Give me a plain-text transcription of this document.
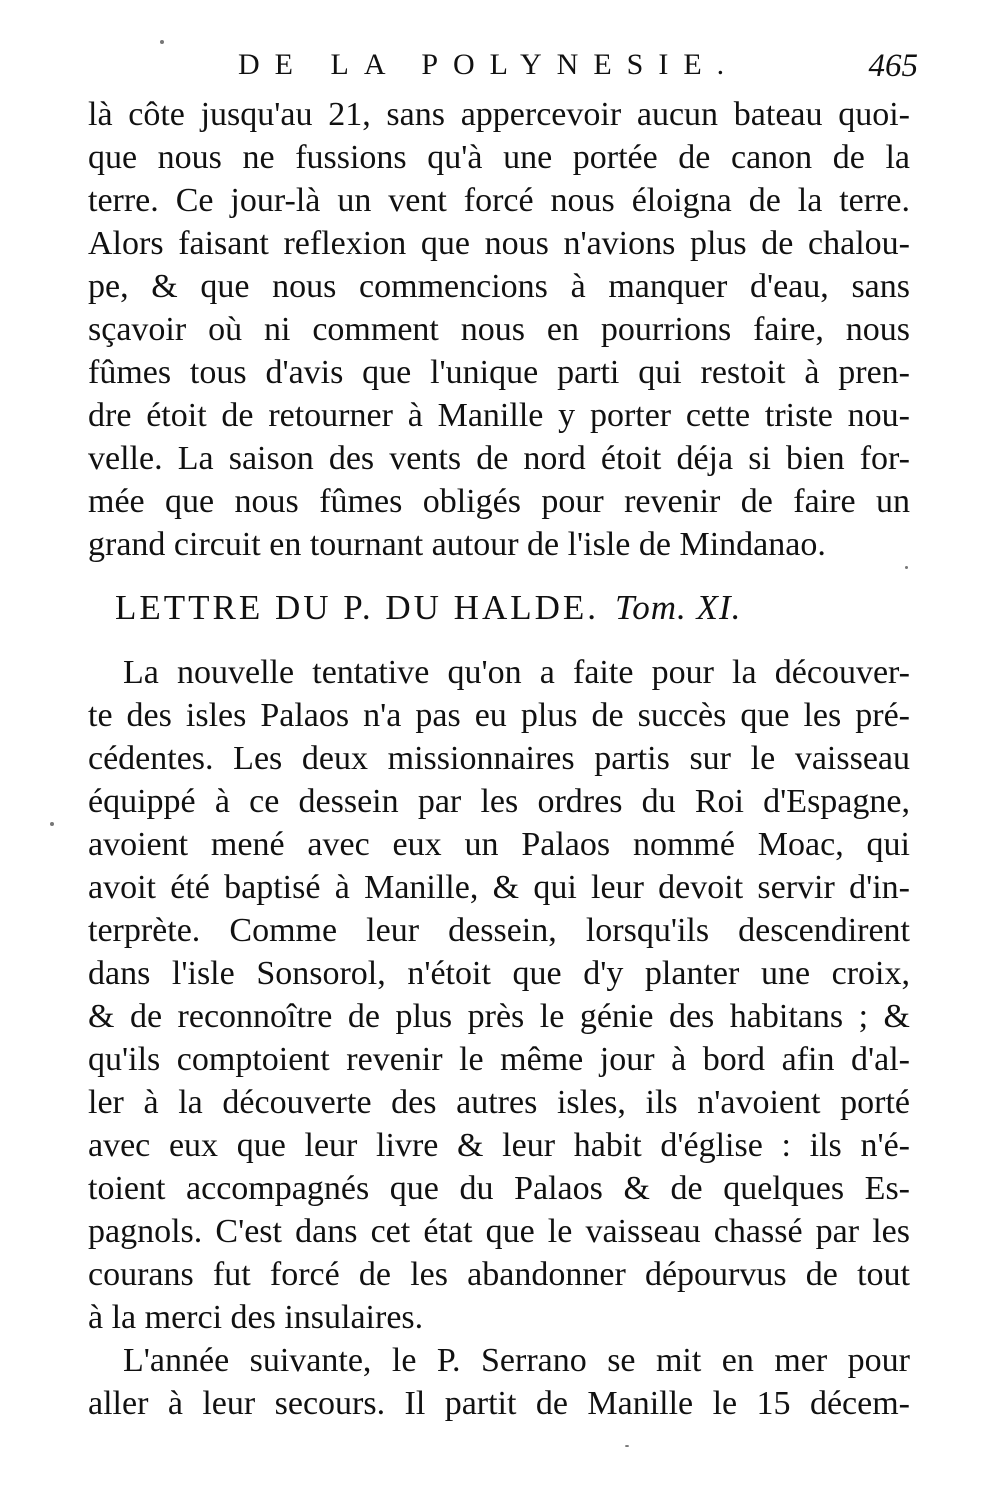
DE LA POLYNESIE.	465
là côte jusqu'au 21, sans appercevoir aucun bateau quoi-
que nous ne fussions qu'à une portée de canon de la
terre. Ce jour-là un vent forcé nous éloigna de la terre.
Alors faisant reflexion que nous n'avions plus de chalou-
pe, & que nous commencions à manquer d'eau, sans
sçavoir où ni comment nous en pourrions faire, nous
fûmes tous d'avis que l'unique parti qui restoit à pren-
dre étoit de retourner à Manille y porter cette triste nou-
velle. La saison des vents de nord étoit déja si bien for-
mée que nous fûmes obligés pour revenir de faire un
grand circuit en tournant autour de l'isle de Mindanao.
LETTRE DU P. DU HALDE. Tom. XI.
La nouvelle tentative qu'on a faite pour la découver-
te des isles Palaos n'a pas eu plus de succès que les pré-
cédentes. Les deux missionnaires partis sur le vaisseau
équippé à ce dessein par les ordres du Roi d'Espagne,
avoient mené avec eux un Palaos nommé Moac, qui
avoit été baptisé à Manille, & qui leur devoit servir d'in-
terprète. Comme leur dessein, lorsqu'ils descendirent
dans l'isle Sonsorol, n'étoit que d'y planter une croix,
& de reconnoître de plus près le génie des habitans ; &
qu'ils comptoient revenir le même jour à bord afin d'al-
ler à la découverte des autres isles, ils n'avoient porté
avec eux que leur livre & leur habit d'église : ils n'é-
toient accompagnés que du Palaos & de quelques Es-
pagnols. C'est dans cet état que le vaisseau chassé par les
courans fut forcé de les abandonner dépourvus de tout
à la merci des insulaires.
L'année suivante, le P. Serrano se mit en mer pour
aller à leur secours. Il partit de Manille le 15 décem-
